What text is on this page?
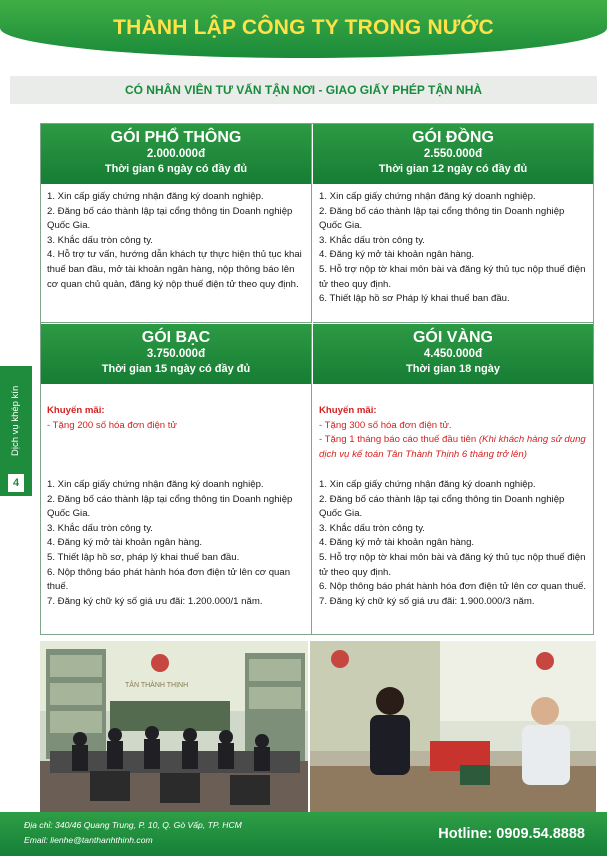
THÀNH LẬP CÔNG TY TRONG NƯỚC
CÓ NHÂN VIÊN TƯ VẤN TẬN NƠI - GIAO GIẤY PHÉP TẬN NHÀ
Dịch vụ khép kín
4
GÓI PHỔ THÔNG
2.000.000đ
Thời gian 6 ngày có đầy đủ
1. Xin cấp giấy chứng nhận đăng ký doanh nghiệp.
2. Đăng bố cáo thành lập tại cổng thông tin Doanh nghiệp Quốc Gia.
3. Khắc dấu tròn công ty.
4. Hỗ trợ tư vấn, hướng dẫn khách tự thực hiện thủ tục khai thuế ban đầu, mở tài khoản ngân hàng, nộp thông báo lên cơ quan chủ quản, đăng ký nộp thuế điện tử theo quy định.
GÓI ĐỒNG
2.550.000đ
Thời gian 12 ngày có đầy đủ
1. Xin cấp giấy chứng nhận đăng ký doanh nghiệp.
2. Đăng bố cáo thành lập tại cổng thông tin Doanh nghiệp Quốc Gia.
3. Khắc dấu tròn công ty.
4. Đăng ký mở tài khoản ngân hàng.
5. Hỗ trợ nộp tờ khai môn bài và đăng ký thủ tục nộp thuế điện tử theo quy định.
6. Thiết lập hồ sơ Pháp lý khai thuế ban đầu.
GÓI BẠC
3.750.000đ
Thời gian 15 ngày có đầy đủ
Khuyến mãi:
- Tặng 200 số hóa đơn điện tử
1. Xin cấp giấy chứng nhận đăng ký doanh nghiệp.
2. Đăng bố cáo thành lập tại cổng thông tin Doanh nghiệp Quốc Gia.
3. Khắc dấu tròn công ty.
4. Đăng ký mở tài khoản ngân hàng.
5. Thiết lập hồ sơ, pháp lý khai thuế ban đầu.
6. Nộp thông báo phát hành hóa đơn điện tử lên cơ quan thuế.
7. Đăng ký chữ ký số giá ưu đãi: 1.200.000/1 năm.
GÓI VÀNG
4.450.000đ
Thời gian 18 ngày
Khuyến mãi:
- Tặng 300 số hóa đơn điện tử.
- Tặng 1 tháng báo cáo thuế đầu tiên (Khi khách hàng sử dụng dịch vụ kế toán Tân Thành Thịnh 6 tháng trở lên)
1. Xin cấp giấy chứng nhận đăng ký doanh nghiệp.
2. Đăng bố cáo thành lập tại cổng thông tin Doanh nghiệp Quốc Gia.
3. Khắc dấu tròn công ty.
4. Đăng ký mở tài khoản ngân hàng.
5. Hỗ trợ nộp tờ khai môn bài và đăng ký thủ tục nộp thuế điện tử theo quy định.
6. Nộp thông báo phát hành hóa đơn điện tử lên cơ quan thuế.
7. Đăng ký chữ ký số giá ưu đãi: 1.900.000/3 năm.
TÂN THÀNH THỊNH
Địa chỉ: 340/46 Quang Trung, P. 10, Q. Gò Vấp, TP. HCM
Email: lienhe@tanthanhthinh.com	Hotline: 0909.54.8888
